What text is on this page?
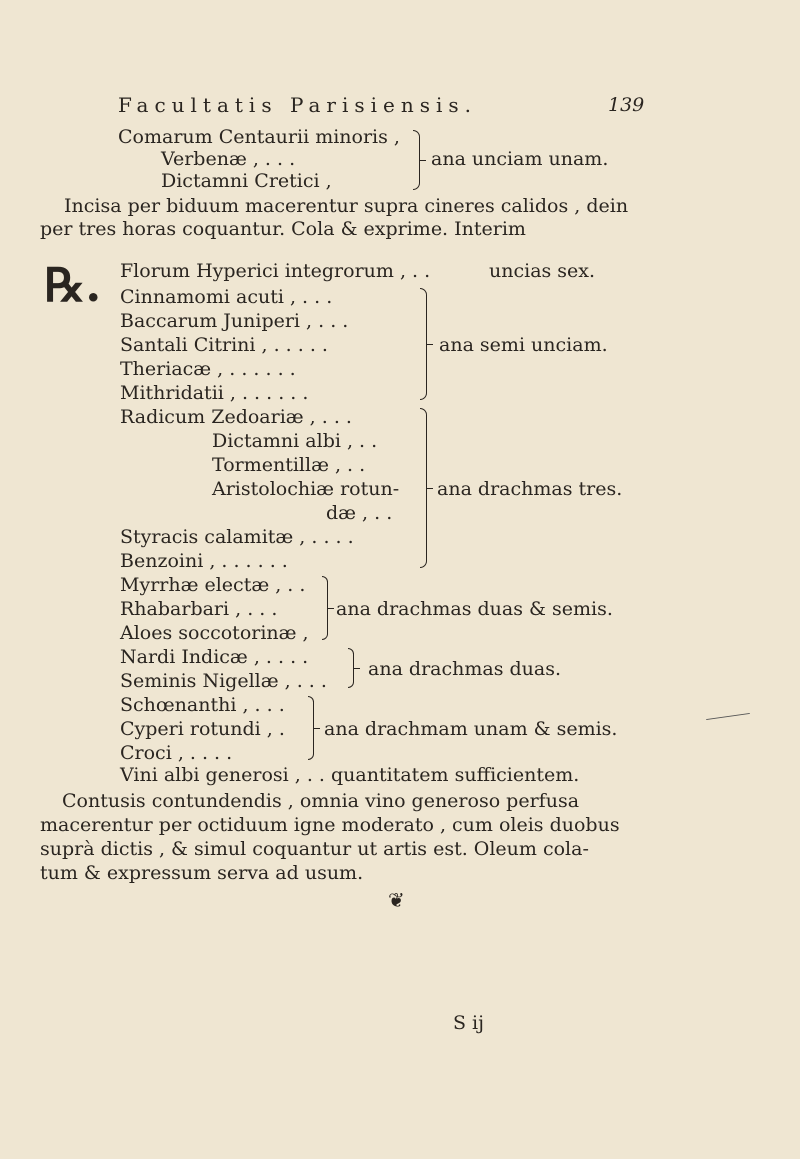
Facultatis Parisiensis.	139
Comarum Centaurii minoris ,
Verbenæ , . . .
Dictamni Cretici ,
ana unciam unam.
Incisa per biduum macerentur supra cineres calidos , dein
per tres horas coquantur. Cola & exprime. Interim
℞. Florum Hyperici integrorum , . .	uncias sex.
Cinnamomi acuti , . . .
Baccarum Juniperi , . . .
Santali Citrini , . . . . .
Theriacæ , . . . . . .
Mithridatii , . . . . . .
ana semi unciam.
Radicum Zedoariæ , . . .
Dictamni albi , . .
Tormentillæ , . .
Aristolochiæ rotun-
dæ , . .
Styracis calamitæ , . . . .
Benzoini , . . . . . .
ana drachmas tres.
Myrrhæ electæ , . .
Rhabarbari , . . .
Aloes soccotorinæ ,
ana drachmas duas & semis.
Nardi Indicæ , . . . .
Seminis Nigellæ , . . .
ana drachmas duas.
Schœnanthi , . . .
Cyperi rotundi , .
Croci , . . . .
ana drachmam unam & semis.
Vini albi generosi , . . quantitatem sufficientem.
Contusis contundendis , omnia vino generoso perfusa
macerentur per octiduum igne moderato , cum oleis duobus
suprà dictis , & simul coquantur ut artis est. Oleum cola-
tum & expressum serva ad usum.
❦
S ij
